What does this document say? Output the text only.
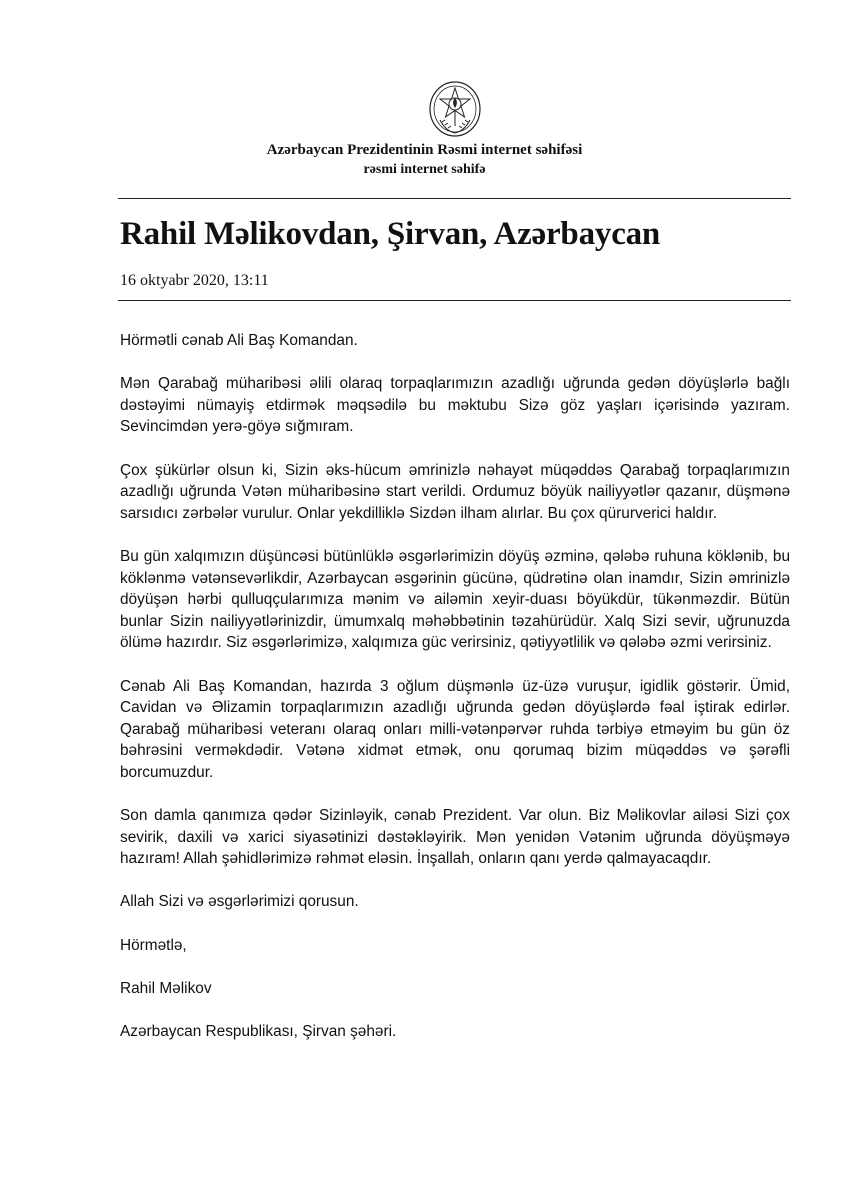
Azərbaycan Prezidentinin Rəsmi internet səhifəsi
rəsmi internet səhifə
Rahil Məlikovdan, Şirvan, Azərbaycan
16 oktyabr 2020, 13:11

Hörmətli cənab Ali Baş Komandan.

Mən Qarabağ müharibəsi əlili olaraq torpaqlarımızın azadlığı uğrunda gedən döyüşlərlə bağlı dəstəyimi nümayiş etdirmək məqsədilə bu məktubu Sizə göz yaşları içərisində yazıram. Sevincimdən yerə-göyə sığmıram.

Çox şükürlər olsun ki, Sizin əks-hücum əmrinizlə nəhayət müqəddəs Qarabağ torpaqlarımızın azadlığı uğrunda Vətən müharibəsinə start verildi. Ordumuz böyük nailiyyətlər qazanır, düşmənə sarsıdıcı zərbələr vurulur. Onlar yekdilliklə Sizdən ilham alırlar. Bu çox qürurverici haldır.

Bu gün xalqımızın düşüncəsi bütünlüklə əsgərlərimizin döyüş əzminə, qələbə ruhuna köklənib, bu köklənmə vətənsevərlikdir, Azərbaycan əsgərinin gücünə, qüdrətinə olan inamdır, Sizin əmrinizlə döyüşən hərbi qulluqçularımıza mənim və ailəmin xeyir-duası böyükdür, tükənməzdir. Bütün bunlar Sizin nailiyyətlərinizdir, ümumxalq məhəbbətinin təzahürüdür. Xalq Sizi sevir, uğrunuzda ölümə hazırdır. Siz əsgərlərimizə, xalqımıza güc verirsiniz, qətiyyətlilik və qələbə əzmi verirsiniz.

Cənab Ali Baş Komandan, hazırda 3 oğlum düşmənlə üz-üzə vuruşur, igidlik göstərir. Ümid, Cavidan və Əlizamin torpaqlarımızın azadlığı uğrunda gedən döyüşlərdə fəal iştirak edirlər. Qarabağ müharibəsi veteranı olaraq onları milli-vətənpərvər ruhda tərbiyə etməyim bu gün öz bəhrəsini verməkdədir. Vətənə xidmət etmək, onu qorumaq bizim müqəddəs və şərəfli borcumuzdur.

Son damla qanımıza qədər Sizinləyik, cənab Prezident. Var olun. Biz Məlikovlar ailəsi Sizi çox sevirik, daxili və xarici siyasətinizi dəstəkləyirik. Mən yenidən Vətənim uğrunda döyüşməyə hazıram! Allah şəhidlərimizə rəhmət eləsin. İnşallah, onların qanı yerdə qalmayacaqdır.

Allah Sizi və əsgərlərimizi qorusun.

Hörmətlə,

Rahil Məlikov

Azərbaycan Respublikası, Şirvan şəhəri.
